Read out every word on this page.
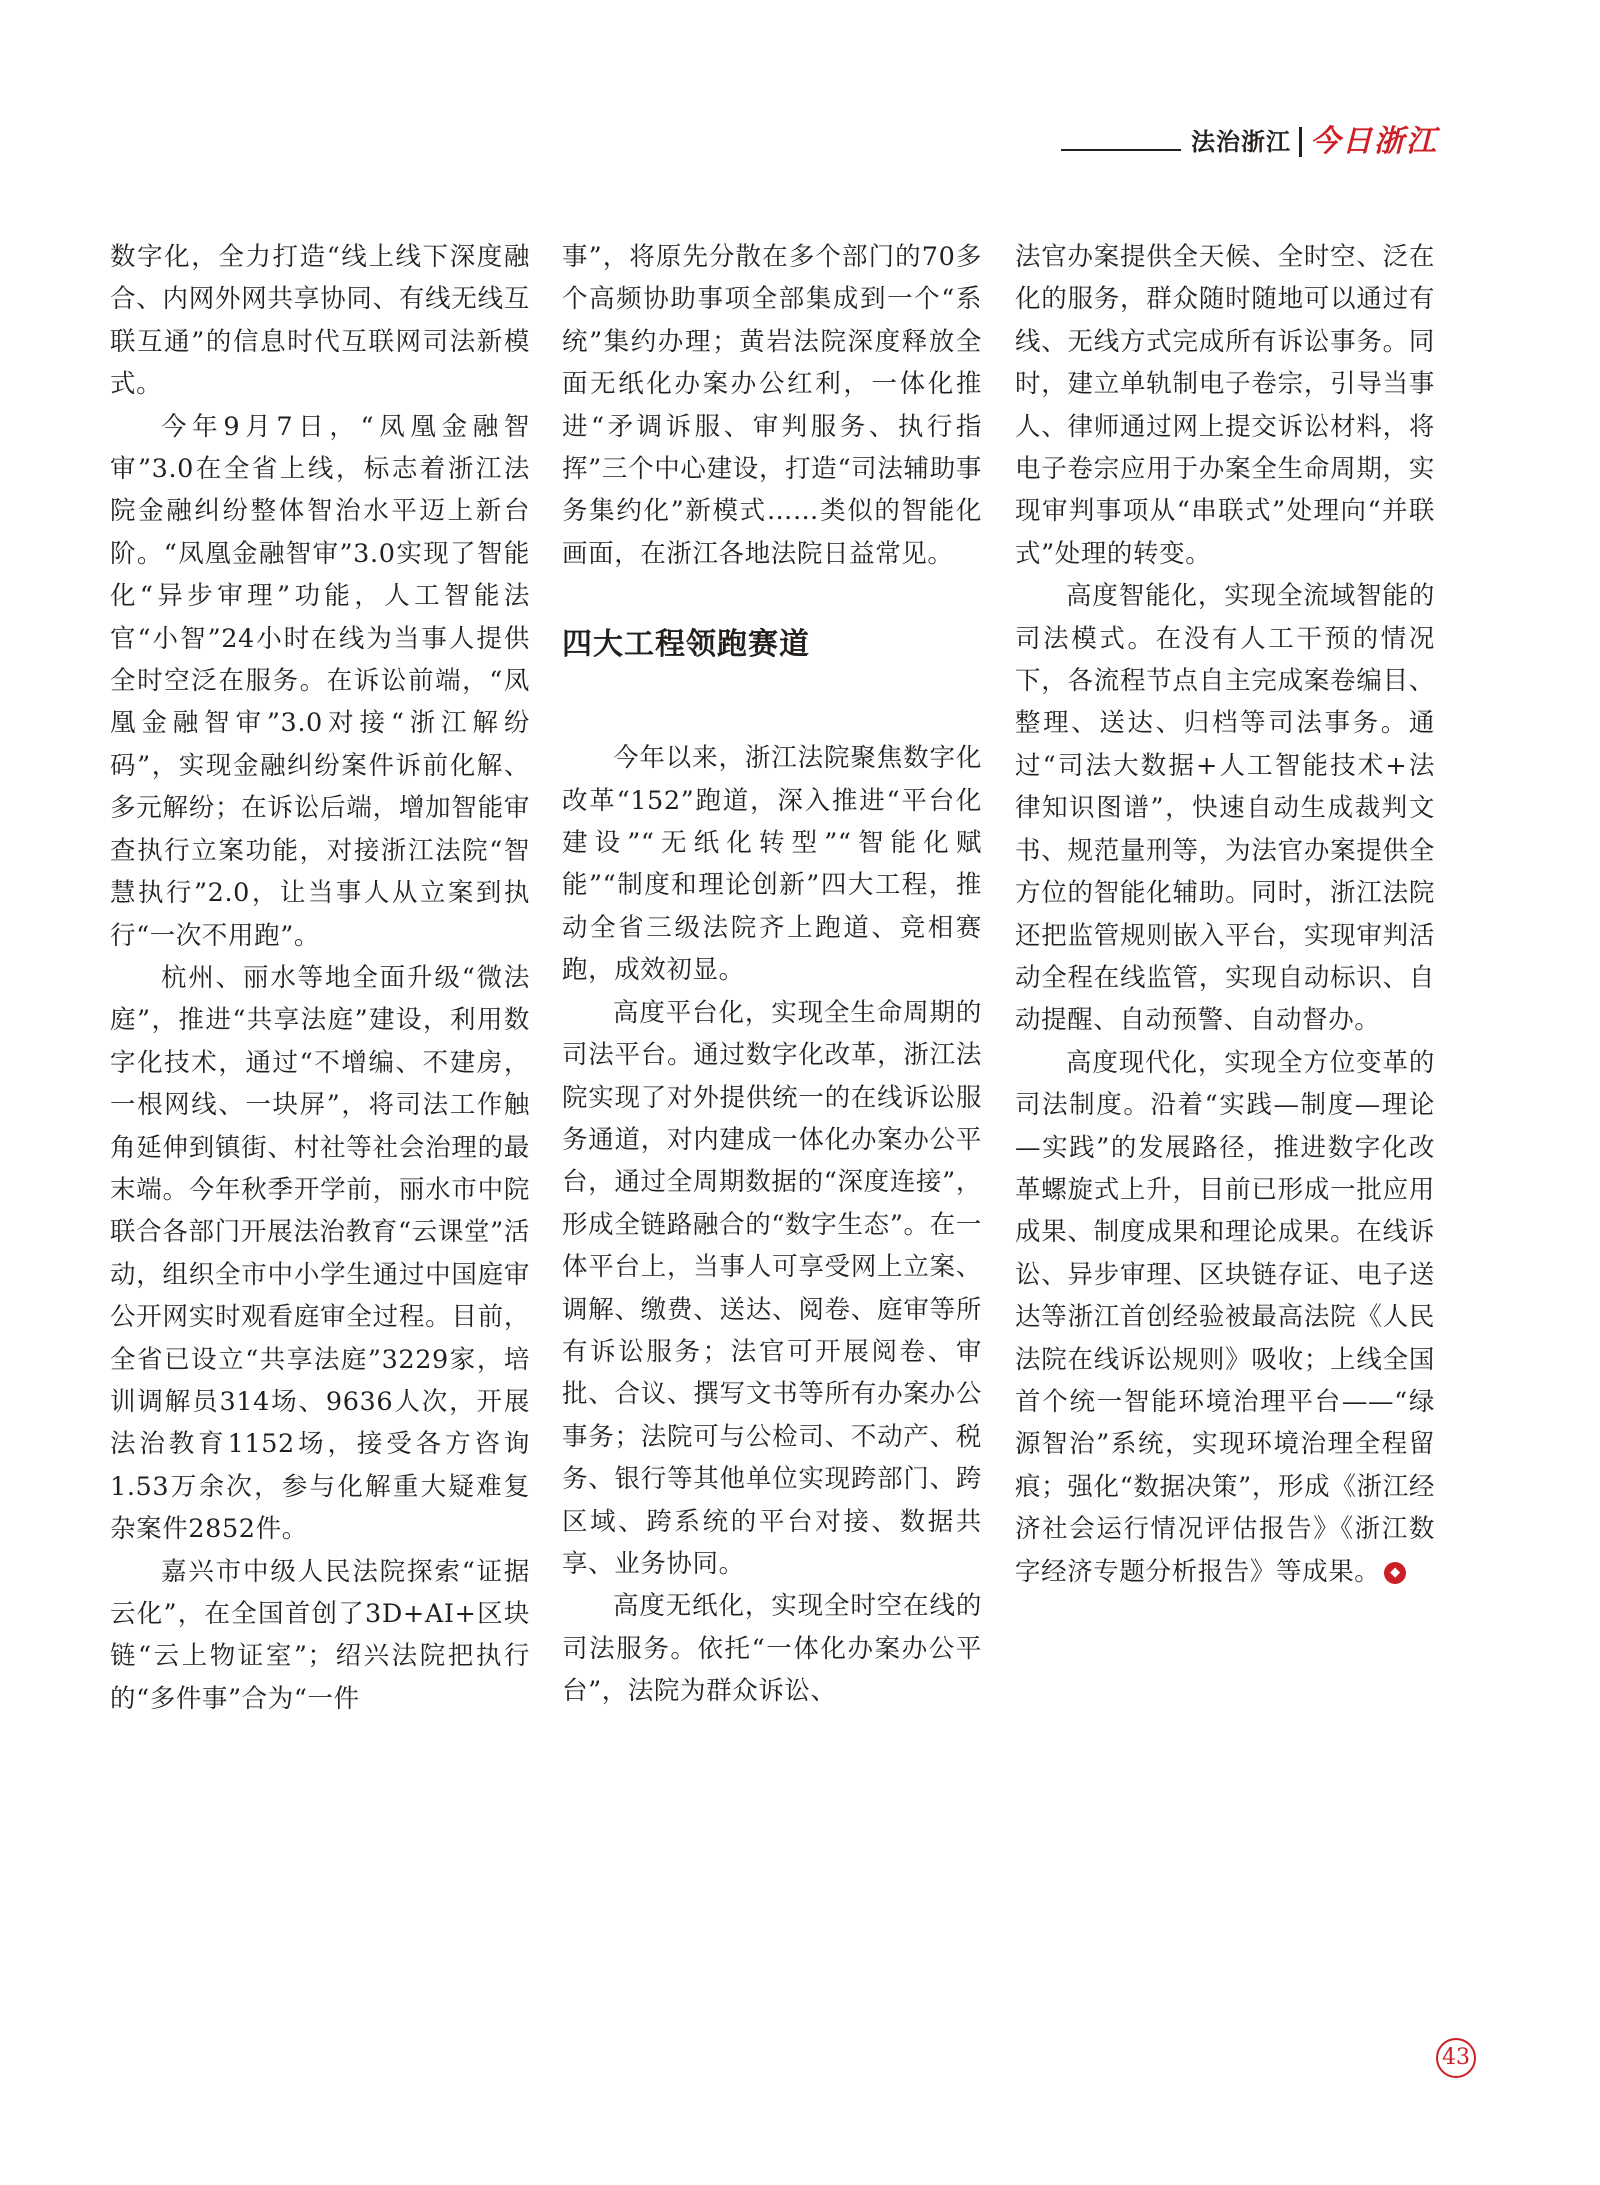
法治浙江 今日浙江

数字化，全力打造“线上线下深度融合、内网外网共享协同、有线无线互联互通”的信息时代互联网司法新模式。

今年9月7日，“凤凰金融智审”3.0在全省上线，标志着浙江法院金融纠纷整体智治水平迈上新台阶。“凤凰金融智审”3.0实现了智能化“异步审理”功能，人工智能法官“小智”24小时在线为当事人提供全时空泛在服务。在诉讼前端，“凤凰金融智审”3.0对接“浙江解纷码”，实现金融纠纷案件诉前化解、多元解纷；在诉讼后端，增加智能审查执行立案功能，对接浙江法院“智慧执行”2.0，让当事人从立案到执行“一次不用跑”。

杭州、丽水等地全面升级“微法庭”，推进“共享法庭”建设，利用数字化技术，通过“不增编、不建房，一根网线、一块屏”，将司法工作触角延伸到镇街、村社等社会治理的最末端。今年秋季开学前，丽水市中院联合各部门开展法治教育“云课堂”活动，组织全市中小学生通过中国庭审公开网实时观看庭审全过程。目前，全省已设立“共享法庭”3229家，培训调解员314场、9636人次，开展法治教育1152场，接受各方咨询1.53万余次，参与化解重大疑难复杂案件2852件。

嘉兴市中级人民法院探索“证据云化”，在全国首创了3D+AI+区块链“云上物证室”；绍兴法院把执行的“多件事”合为“一件

事”，将原先分散在多个部门的70多个高频协助事项全部集成到一个“系统”集约办理；黄岩法院深度释放全面无纸化办案办公红利，一体化推进“矛调诉服、审判服务、执行指挥”三个中心建设，打造“司法辅助事务集约化”新模式……类似的智能化画面，在浙江各地法院日益常见。

四大工程领跑赛道

今年以来，浙江法院聚焦数字化改革“152”跑道，深入推进“平台化建设”“无纸化转型”“智能化赋能”“制度和理论创新”四大工程，推动全省三级法院齐上跑道、竞相赛跑，成效初显。

高度平台化，实现全生命周期的司法平台。通过数字化改革，浙江法院实现了对外提供统一的在线诉讼服务通道，对内建成一体化办案办公平台，通过全周期数据的“深度连接”，形成全链路融合的“数字生态”。在一体平台上，当事人可享受网上立案、调解、缴费、送达、阅卷、庭审等所有诉讼服务；法官可开展阅卷、审批、合议、撰写文书等所有办案办公事务；法院可与公检司、不动产、税务、银行等其他单位实现跨部门、跨区域、跨系统的平台对接、数据共享、业务协同。

高度无纸化，实现全时空在线的司法服务。依托“一体化办案办公平台”，法院为群众诉讼、

法官办案提供全天候、全时空、泛在化的服务，群众随时随地可以通过有线、无线方式完成所有诉讼事务。同时，建立单轨制电子卷宗，引导当事人、律师通过网上提交诉讼材料，将电子卷宗应用于办案全生命周期，实现审判事项从“串联式”处理向“并联式”处理的转变。

高度智能化，实现全流域智能的司法模式。在没有人工干预的情况下，各流程节点自主完成案卷编目、整理、送达、归档等司法事务。通过“司法大数据+人工智能技术+法律知识图谱”，快速自动生成裁判文书、规范量刑等，为法官办案提供全方位的智能化辅助。同时，浙江法院还把监管规则嵌入平台，实现审判活动全程在线监管，实现自动标识、自动提醒、自动预警、自动督办。

高度现代化，实现全方位变革的司法制度。沿着“实践—制度—理论—实践”的发展路径，推进数字化改革螺旋式上升，目前已形成一批应用成果、制度成果和理论成果。在线诉讼、异步审理、区块链存证、电子送达等浙江首创经验被最高法院《人民法院在线诉讼规则》吸收；上线全国首个统一智能环境治理平台——“绿源智治”系统，实现环境治理全程留痕；强化“数据决策”，形成《浙江经济社会运行情况评估报告》《浙江数字经济专题分析报告》等成果。 ◆

43
